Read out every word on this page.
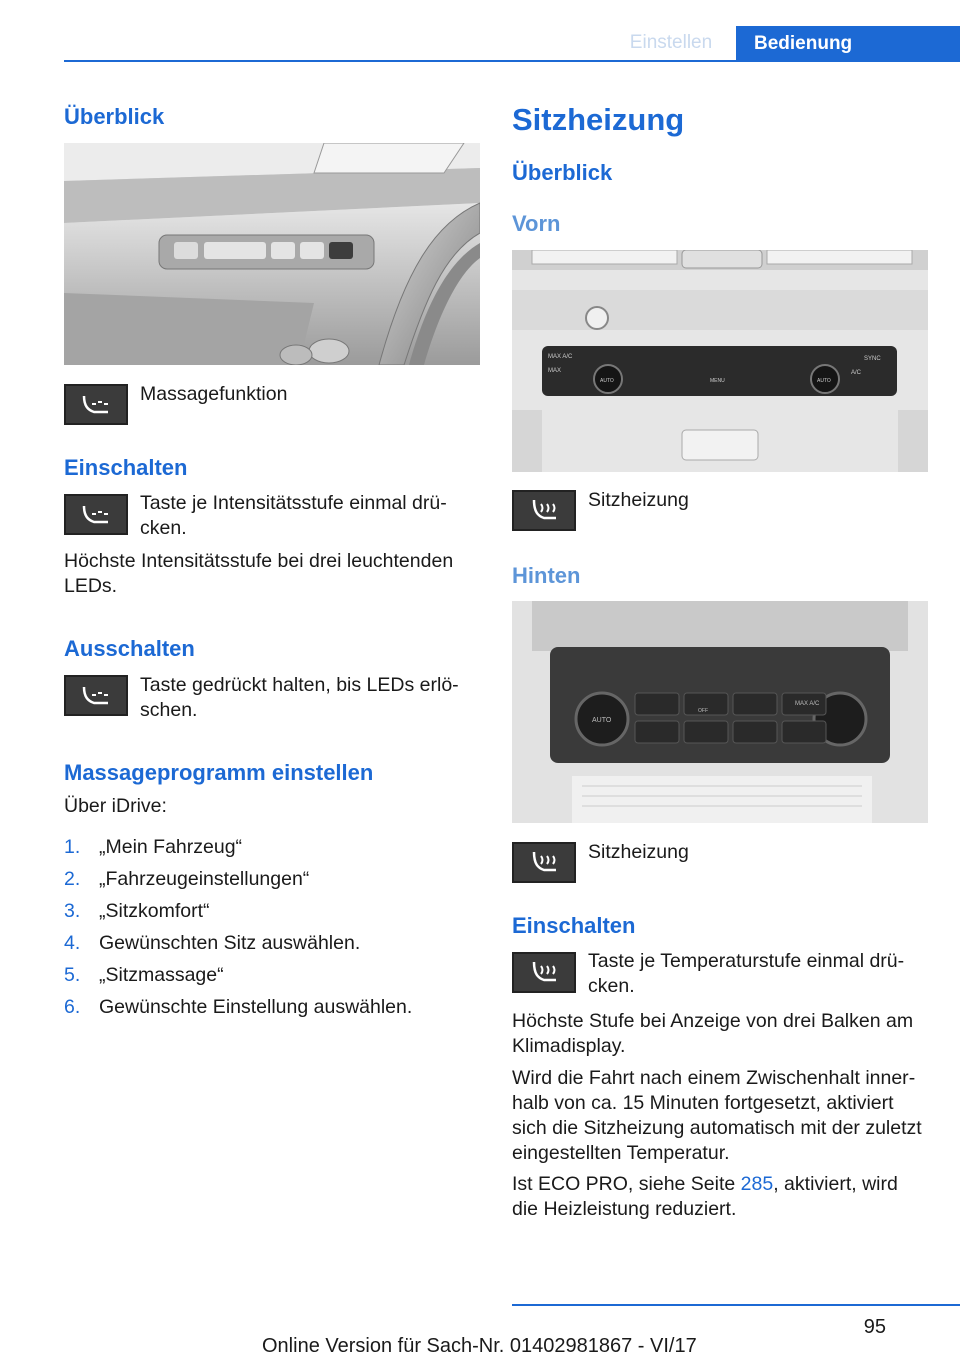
Einstellen	Bedienung
Überblick
Massagefunktion
Einschalten
Taste je Intensitätsstufe einmal drücken.
Höchste Intensitätsstufe bei drei leuchtenden LEDs.
Ausschalten
Taste gedrückt halten, bis LEDs erlöschen.
Massageprogramm einstellen
Über iDrive:
1. „Mein Fahrzeug“
2. „Fahrzeugeinstellungen“
3. „Sitzkomfort“
4. Gewünschten Sitz auswählen.
5. „Sitzmassage“
6. Gewünschte Einstellung auswählen.
Sitzheizung
Überblick
Vorn
MAX A/C
MAX
SYNC
A/C
AUTO	AUTO
MENU
Sitzheizung
Hinten
AUTO
OFF
MAX A/C
Sitzheizung
Einschalten
Taste je Temperaturstufe einmal drücken.
Höchste Stufe bei Anzeige von drei Balken am Klimadisplay.
Wird die Fahrt nach einem Zwischenhalt innerhalb von ca. 15 Minuten fortgesetzt, aktiviert sich die Sitzheizung automatisch mit der zuletzt eingestellten Temperatur.
Ist ECO PRO, siehe Seite 285, aktiviert, wird die Heizleistung reduziert.
95
Online Version für Sach-Nr. 01402981867 - VI/17
